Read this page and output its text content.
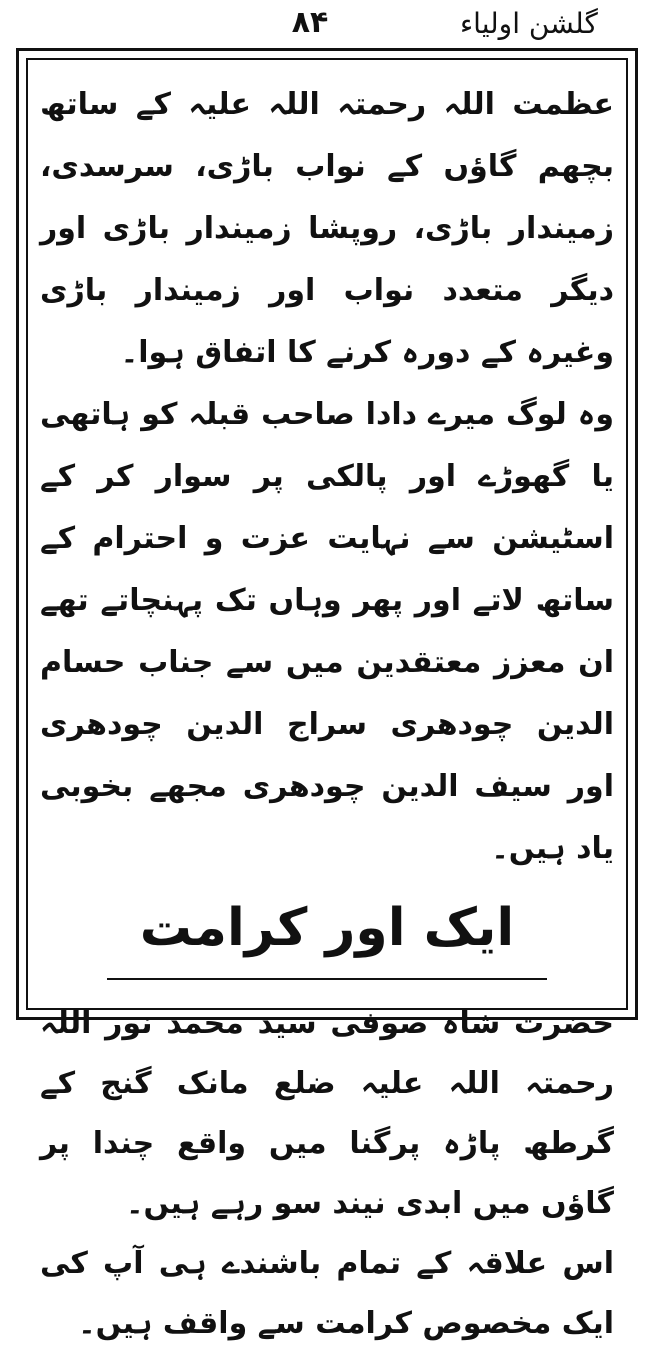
۸۴	گلشن اولیاء

عظمت اللہ رحمتہ اللہ علیہ کے ساتھ بچھم گاؤں کے نواب باڑی، سرسدی، زمیندار باڑی، روپشا زمیندار باڑی اور دیگر متعدد نواب اور زمیندار باڑی وغیرہ کے دورہ کرنے کا اتفاق ہوا۔

وہ لوگ میرے دادا صاحب قبلہ کو ہاتھی یا گھوڑے اور پالکی پر سوار کر کے اسٹیشن سے نہایت عزت و احترام کے ساتھ لاتے اور پھر وہاں تک پہنچاتے تھے ان معزز معتقدین میں سے جناب حسام الدین چودھری سراج الدین چودھری اور سیف الدین چودھری مجھے بخوبی یاد ہیں۔

ایک اور کرامت

حضرت شاہ صوفی سید محمد نور اللہ رحمتہ اللہ علیہ ضلع مانک گنج کے گرطھ پاڑہ پرگنا میں واقع چندا پر گاؤں میں ابدی نیند سو رہے ہیں۔

اس علاقہ کے تمام باشندے ہی آپ کی ایک مخصوص کرامت سے واقف ہیں۔
